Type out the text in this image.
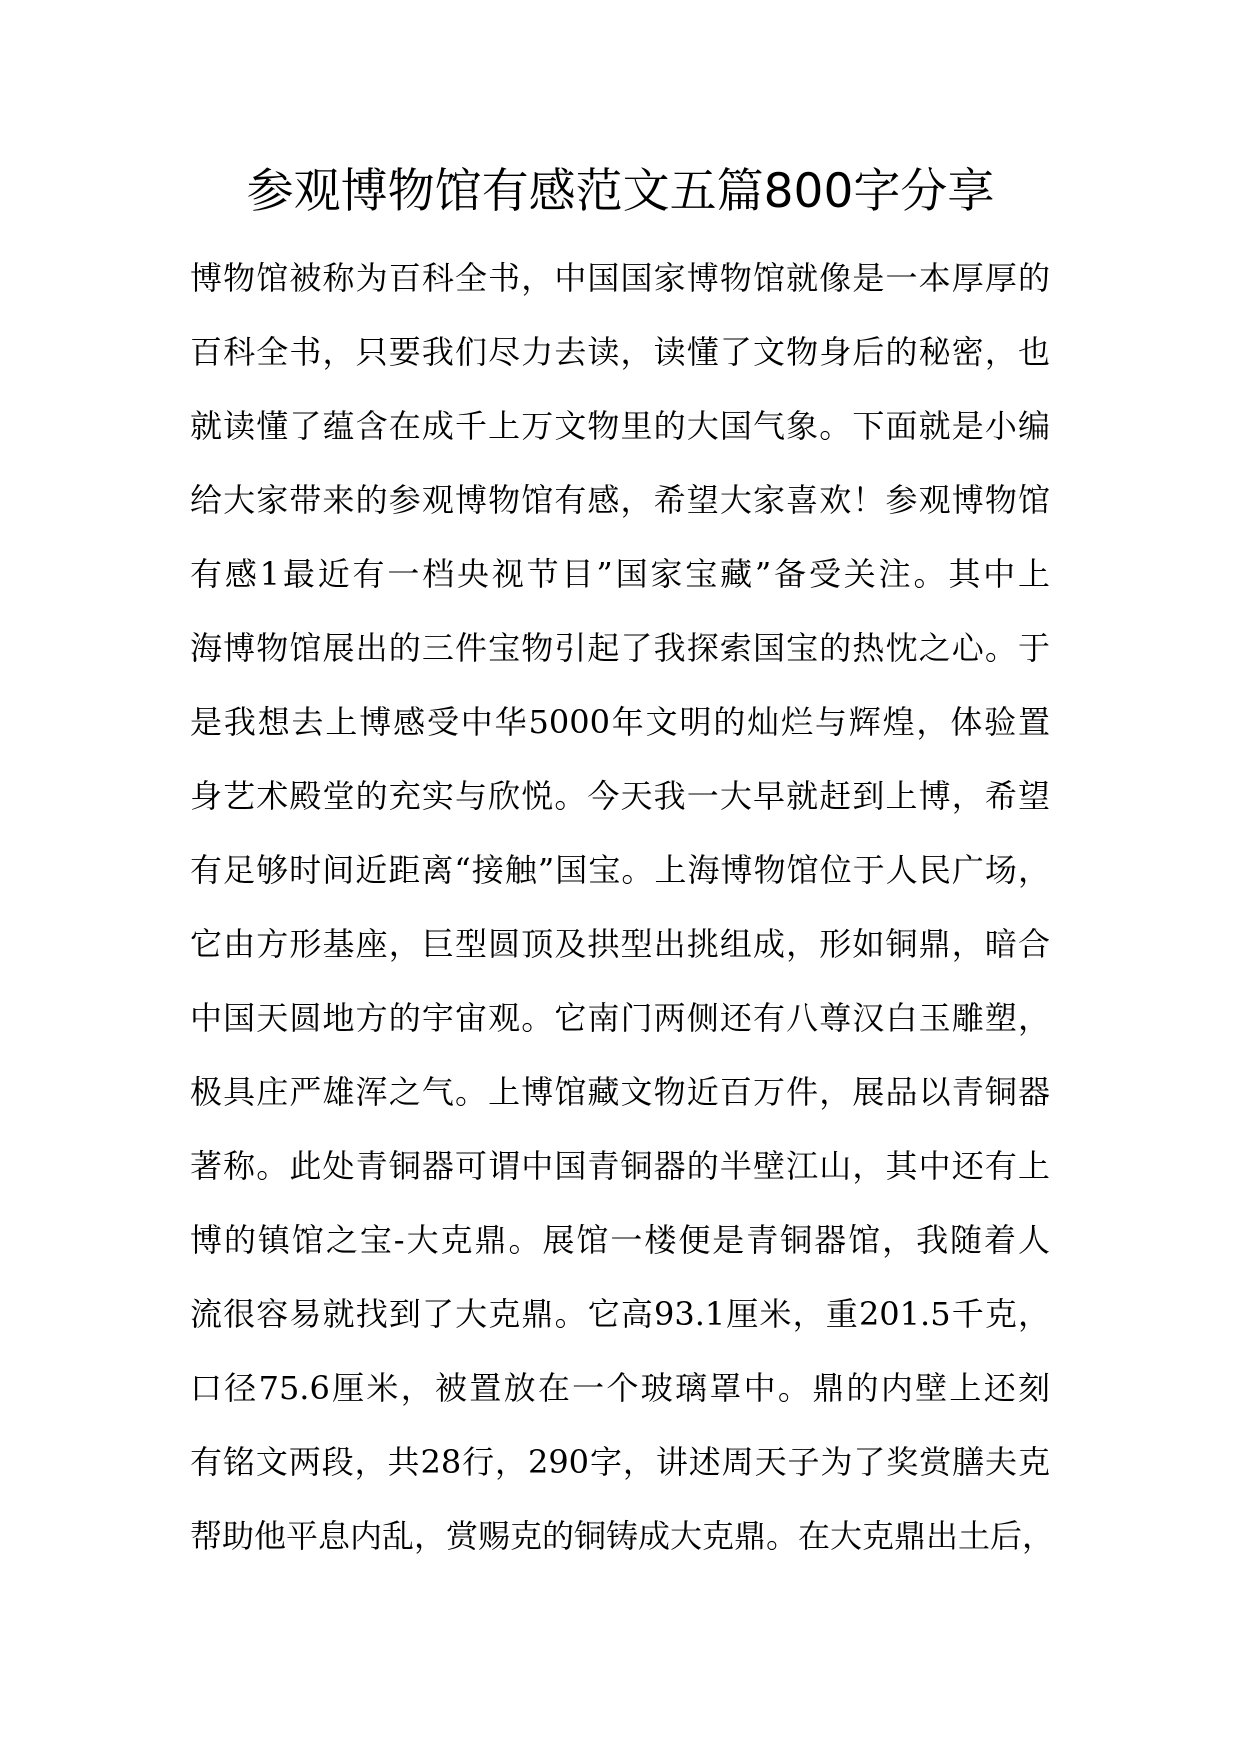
参观博物馆有感范文五篇800字分享
博物馆被称为百科全书，中国国家博物馆就像是一本厚厚的
百科全书，只要我们尽力去读，读懂了文物身后的秘密，也
就读懂了蕴含在成千上万文物里的大国气象。下面就是小编
给大家带来的参观博物馆有感，希望大家喜欢！参观博物馆
有感1最近有一档央视节目”国家宝藏”备受关注。其中上
海博物馆展出的三件宝物引起了我探索国宝的热忱之心。于
是我想去上博感受中华5000年文明的灿烂与辉煌，体验置
身艺术殿堂的充实与欣悦。今天我一大早就赶到上博，希望
有足够时间近距离“接触”国宝。上海博物馆位于人民广场，
它由方形基座，巨型圆顶及拱型出挑组成，形如铜鼎，暗合
中国天圆地方的宇宙观。它南门两侧还有八尊汉白玉雕塑，
极具庄严雄浑之气。上博馆藏文物近百万件，展品以青铜器
著称。此处青铜器可谓中国青铜器的半壁江山，其中还有上
博的镇馆之宝-大克鼎。展馆一楼便是青铜器馆，我随着人
流很容易就找到了大克鼎。它高93.1厘米，重201.5千克，
口径75.6厘米，被置放在一个玻璃罩中。鼎的内壁上还刻
有铭文两段，共28行，290字，讲述周天子为了奖赏膳夫克
帮助他平息内乱，赏赐克的铜铸成大克鼎。在大克鼎出土后，
